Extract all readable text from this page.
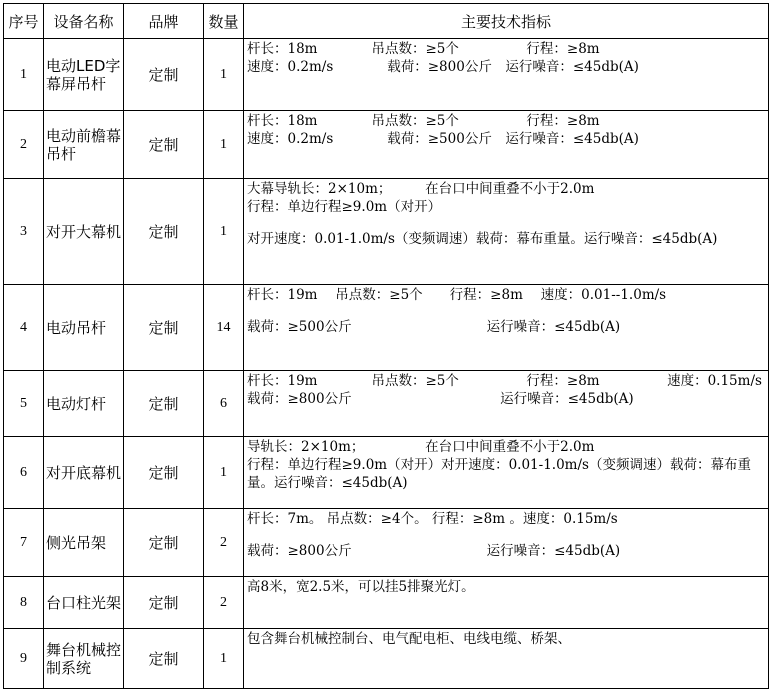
序号	设备名称	品牌	数量	主要技术指标
1	电动LED字幕屏吊杆	定制	1	杆长：18m　　　　吊点数：≥5个　　　　　行程：≥8m
速度：0.2m/s　　　　载荷：≥800公斤　运行噪音：≤45db(A)

2	电动前檐幕吊杆	定制	1	杆长：18m　　　　吊点数：≥5个　　　　　行程：≥8m
速度：0.2m/s　　　　载荷：≥500公斤　运行噪音：≤45db(A)

3	对开大幕机	定制	1	大幕导轨长：2×10m；　　　在台口中间重叠不小于2.0m
行程：单边行程≥9.0m（对开）
对开速度：0.01-1.0m/s（变频调速）载荷：幕布重量。运行噪音：≤45db(A)

4	电动吊杆	定制	14	杆长：19m　 吊点数：≥5个　　行程：≥8m　 速度：0.01--1.0m/s
载荷：≥500公斤　　　　　　　　　　运行噪音：≤45db(A)

5	电动灯杆	定制	6	杆长：19m　　　　吊点数：≥5个　　　　　行程：≥8m　　　　　速度：0.15m/s
载荷：≥800公斤　　　　　　　　　　　运行噪音：≤45db(A)

6	对开底幕机	定制	1	导轨长：2×10m；　　　　　在台口中间重叠不小于2.0m
行程：单边行程≥9.0m（对开）对开速度：0.01-1.0m/s（变频调速）载荷：幕布重量。运行噪音：≤45db(A)

7	侧光吊架	定制	2	杆长：7m。 吊点数：≥4个。 行程：≥8m 。速度：0.15m/s
载荷：≥800公斤　　　　　　　　　　运行噪音：≤45db(A)

8	台口柱光架	定制	2	高8米，宽2.5米，可以挂5排聚光灯。

9	舞台机械控制系统	定制	1	包含舞台机械控制台、电气配电柜、电线电缆、桥架、
